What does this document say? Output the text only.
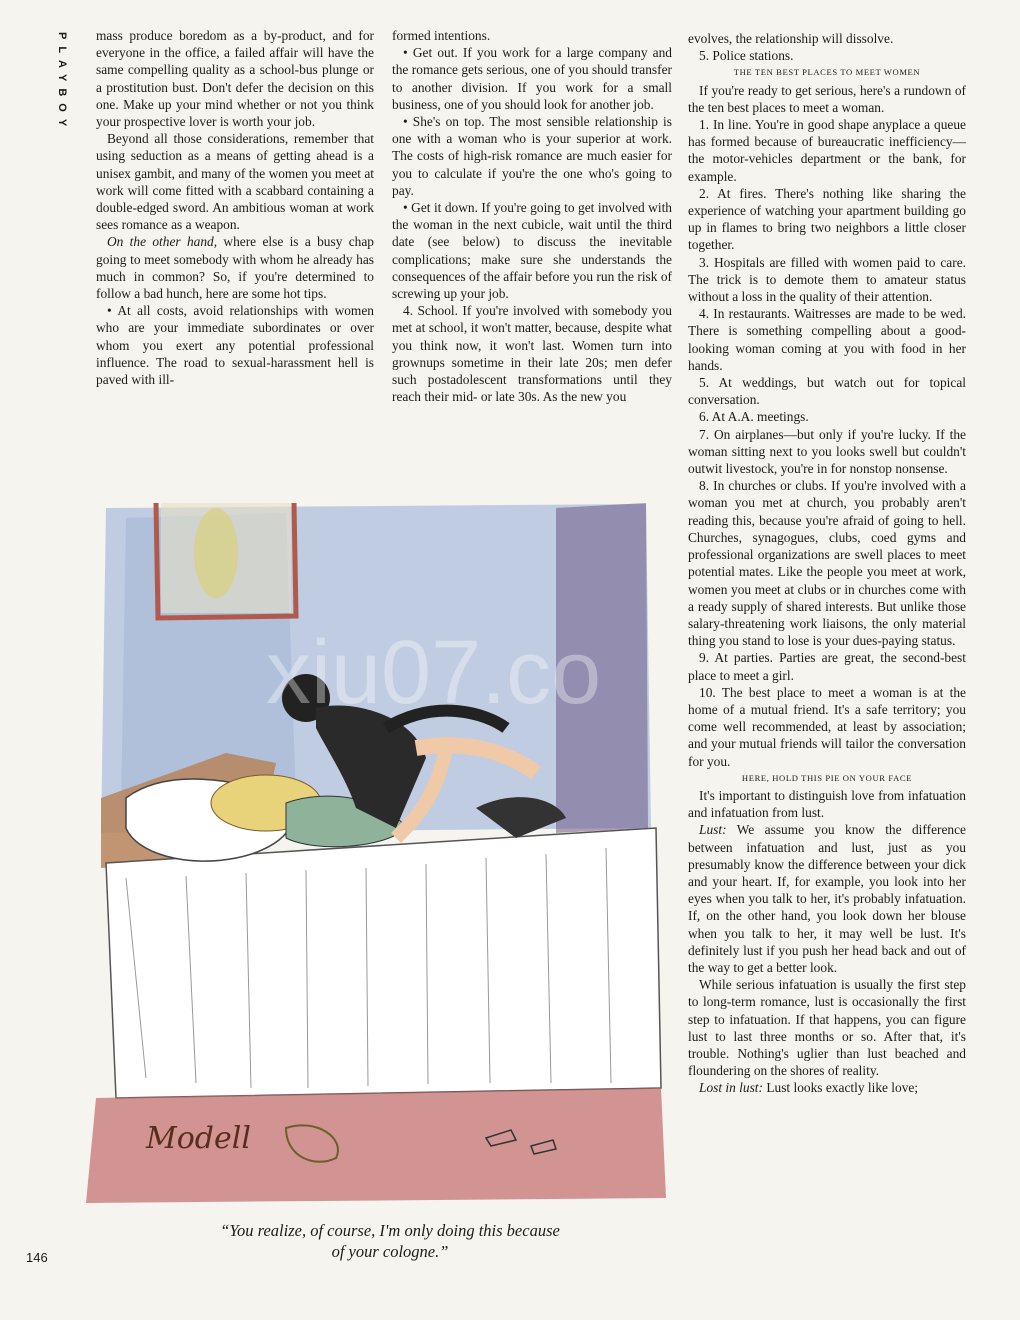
PLAYBOY mass produce boredom as a by-product, and for everyone in the office, a failed affair will have the same compelling quality as a school-bus plunge or a prostitution bust. Don't defer the decision on this one. Make up your mind whether or not you think your prospective lover is worth your job.

Beyond all those considerations, remember that using seduction as a means of getting ahead is a unisex gambit, and many of the women you meet at work will come fitted with a scabbard containing a double-edged sword. An ambitious woman at work sees romance as a weapon.

On the other hand, where else is a busy chap going to meet somebody with whom he already has much in common? So, if you're determined to follow a bad hunch, here are some hot tips.

• At all costs, avoid relationships with women who are your immediate subordinates or over whom you exert any potential professional influence. The road to sexual-harassment hell is paved with ill-

formed intentions.

• Get out. If you work for a large company and the romance gets serious, one of you should transfer to another division. If you work for a small business, one of you should look for another job.

• She's on top. The most sensible relationship is one with a woman who is your superior at work. The costs of high-risk romance are much easier for you to calculate if you're the one who's going to pay.

• Get it down. If you're going to get involved with the woman in the next cubicle, wait until the third date (see below) to discuss the inevitable complications; make sure she understands the consequences of the affair before you run the risk of screwing up your job.

4. School. If you're involved with somebody you met at school, it won't matter, because, despite what you think now, it won't last. Women turn into grownups sometime in their late 20s; men defer such postadolescent transformations until they reach their mid- or late 30s. As the new you

evolves, the relationship will dissolve.

5. Police stations.

THE TEN BEST PLACES TO MEET WOMEN

If you're ready to get serious, here's a rundown of the ten best places to meet a woman.

1. In line. You're in good shape anyplace a queue has formed because of bureaucratic inefficiency—the motor-vehicles department or the bank, for example.

2. At fires. There's nothing like sharing the experience of watching your apartment building go up in flames to bring two neighbors a little closer together.

3. Hospitals are filled with women paid to care. The trick is to demote them to amateur status without a loss in the quality of their attention.

4. In restaurants. Waitresses are made to be wed. There is something compelling about a good-looking woman coming at you with food in her hands.

5. At weddings, but watch out for topical conversation.

6. At A.A. meetings.

7. On airplanes—but only if you're lucky. If the woman sitting next to you looks swell but couldn't outwit livestock, you're in for nonstop nonsense.

8. In churches or clubs. If you're involved with a woman you met at church, you probably aren't reading this, because you're afraid of going to hell. Churches, synagogues, clubs, coed gyms and professional organizations are swell places to meet potential mates. Like the people you meet at work, women you meet at clubs or in churches come with a ready supply of shared interests. But unlike those salary-threatening work liaisons, the only material thing you stand to lose is your dues-paying status.

9. At parties. Parties are great, the second-best place to meet a girl.

10. The best place to meet a woman is at the home of a mutual friend. It's a safe territory; you come well recommended, at least by association; and your mutual friends will tailor the conversation for you.

HERE, HOLD THIS PIE ON YOUR FACE

It's important to distinguish love from infatuation and infatuation from lust.

Lust: We assume you know the difference between infatuation and lust, just as you presumably know the difference between your dick and your heart. If, for example, you look into her eyes when you talk to her, it's probably infatuation. If, on the other hand, you look down her blouse when you talk to her, it may well be lust. It's definitely lust if you push her head back and out of the way to get a better look.

While serious infatuation is usually the first step to long-term romance, lust is occasionally the first step to infatuation. If that happens, you can figure lust to last three months or so. After that, it's trouble. Nothing's uglier than lust beached and floundering on the shores of reality.

Lost in lust: Lust looks exactly like love;

xiu07.co
Modell
“You realize, of course, I'm only doing this because
of your cologne.”
146
